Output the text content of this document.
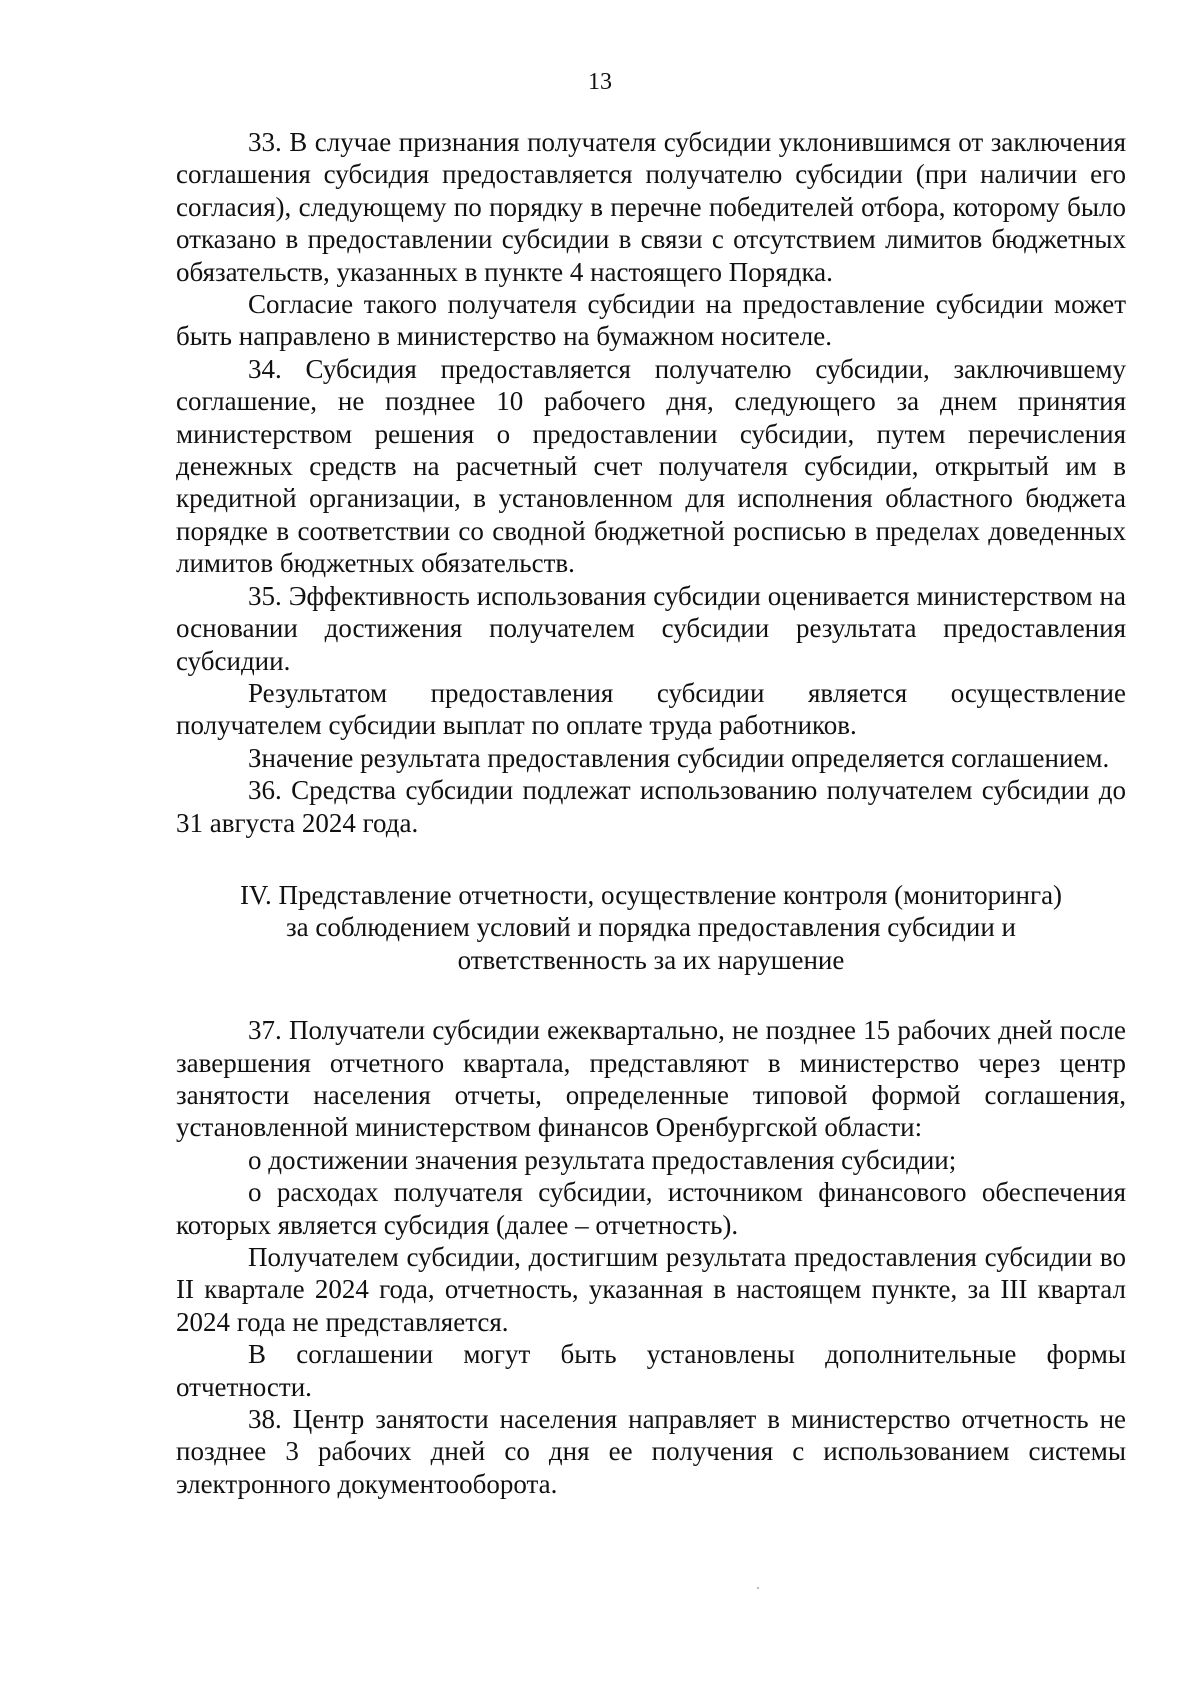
13

33. В случае признания получателя субсидии уклонившимся от заключения соглашения субсидия предоставляется получателю субсидии (при наличии его согласия), следующему по порядку в перечне победителей отбора, которому было отказано в предоставлении субсидии в связи с отсутствием лимитов бюджетных обязательств, указанных в пункте 4 настоящего Порядка.

Согласие такого получателя субсидии на предоставление субсидии может быть направлено в министерство на бумажном носителе.

34. Субсидия предоставляется получателю субсидии, заключившему соглашение, не позднее 10 рабочего дня, следующего за днем принятия министерством решения о предоставлении субсидии, путем перечисления денежных средств на расчетный счет получателя субсидии, открытый им в кредитной организации, в установленном для исполнения областного бюджета порядке в соответствии со сводной бюджетной росписью в пределах доведенных лимитов бюджетных обязательств.

35. Эффективность использования субсидии оценивается министерством на основании достижения получателем субсидии результата предоставления субсидии.

Результатом предоставления субсидии является осуществление получателем субсидии выплат по оплате труда работников.

Значение результата предоставления субсидии определяется соглашением.

36. Средства субсидии подлежат использованию получателем субсидии до 31 августа 2024 года.

IV. Представление отчетности, осуществление контроля (мониторинга)
за соблюдением условий и порядка предоставления субсидии и
ответственность за их нарушение

37. Получатели субсидии ежеквартально, не позднее 15 рабочих дней после завершения отчетного квартала, представляют в министерство через центр занятости населения отчеты, определенные типовой формой соглашения, установленной министерством финансов Оренбургской области:

о достижении значения результата предоставления субсидии;

о расходах получателя субсидии, источником финансового обеспечения которых является субсидия (далее – отчетность).

Получателем субсидии, достигшим результата предоставления субсидии во II квартале 2024 года, отчетность, указанная в настоящем пункте, за III квартал 2024 года не представляется.

В соглашении могут быть установлены дополнительные формы отчетности.

38. Центр занятости населения направляет в министерство отчетность не позднее 3 рабочих дней со дня ее получения с использованием системы электронного документооборота.
